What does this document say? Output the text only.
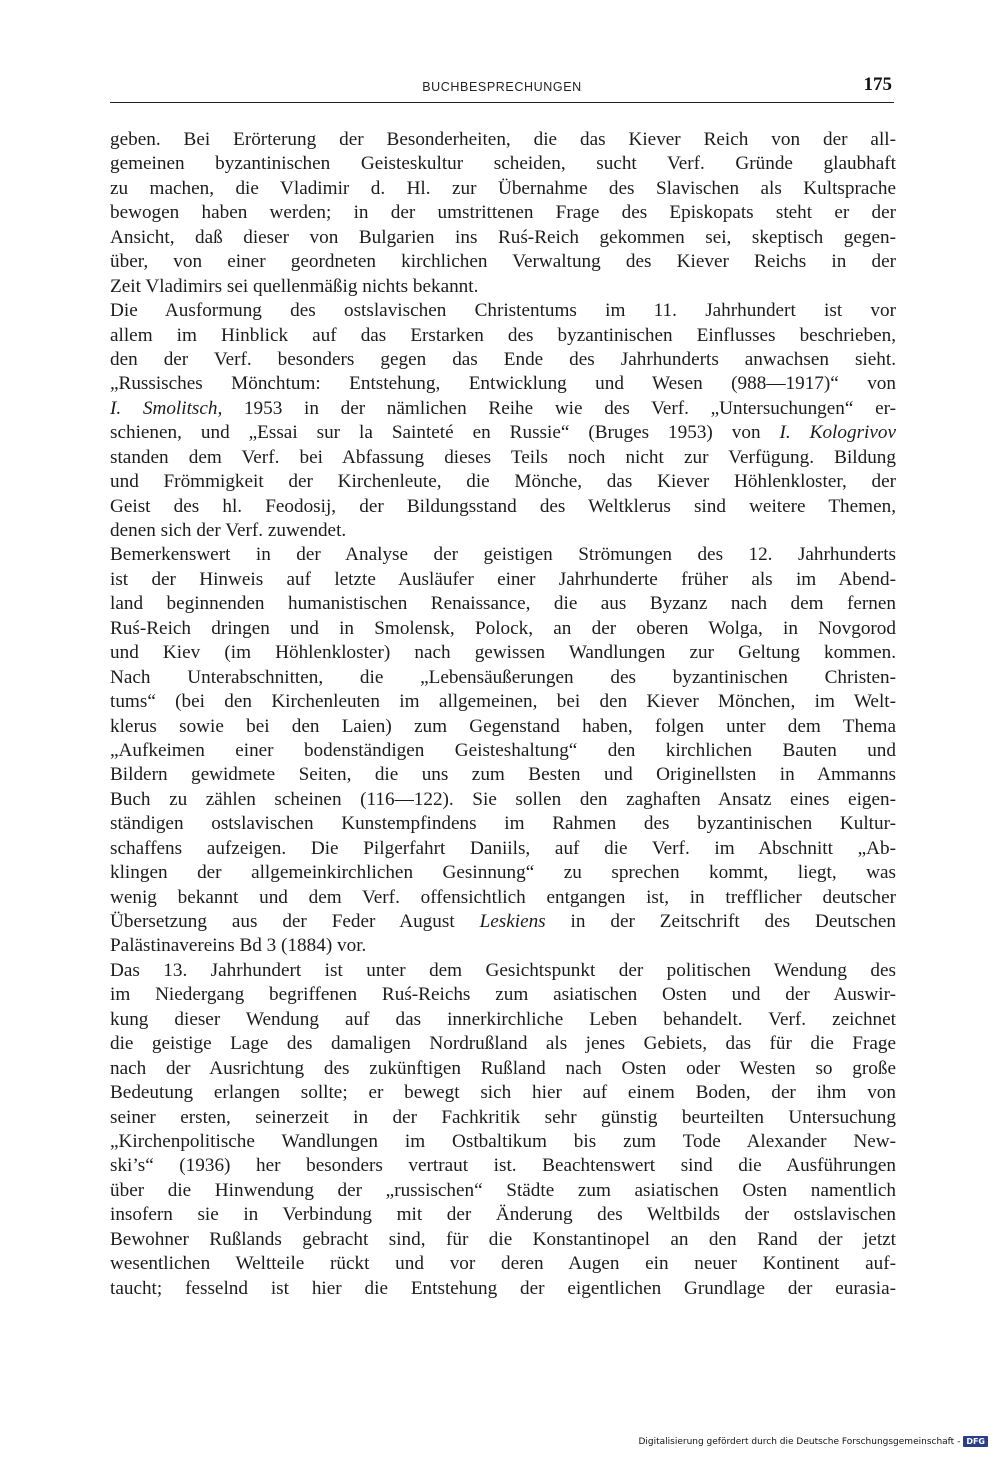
BUCHBESPRECHUNGEN	175
geben. Bei Erörterung der Besonderheiten, die das Kiever Reich von der all-
gemeinen byzantinischen Geisteskultur scheiden, sucht Verf. Gründe glaubhaft
zu machen, die Vladimir d. Hl. zur Übernahme des Slavischen als Kultsprache
bewogen haben werden; in der umstrittenen Frage des Episkopats steht er der
Ansicht, daß dieser von Bulgarien ins Ruś-Reich gekommen sei, skeptisch gegen-
über, von einer geordneten kirchlichen Verwaltung des Kiever Reichs in der
Zeit Vladimirs sei quellenmäßig nichts bekannt.
Die Ausformung des ostslavischen Christentums im 11. Jahrhundert ist vor
allem im Hinblick auf das Erstarken des byzantinischen Einflusses beschrieben,
den der Verf. besonders gegen das Ende des Jahrhunderts anwachsen sieht.
„Russisches Mönchtum: Entstehung, Entwicklung und Wesen (988—1917)“ von
I. Smolitsch, 1953 in der nämlichen Reihe wie des Verf. „Untersuchungen“ er-
schienen, und „Essai sur la Sainteté en Russie“ (Bruges 1953) von I. Kologrivov
standen dem Verf. bei Abfassung dieses Teils noch nicht zur Verfügung. Bildung
und Frömmigkeit der Kirchenleute, die Mönche, das Kiever Höhlenkloster, der
Geist des hl. Feodosij, der Bildungsstand des Weltklerus sind weitere Themen,
denen sich der Verf. zuwendet.
Bemerkenswert in der Analyse der geistigen Strömungen des 12. Jahrhunderts
ist der Hinweis auf letzte Ausläufer einer Jahrhunderte früher als im Abend-
land beginnenden humanistischen Renaissance, die aus Byzanz nach dem fernen
Ruś-Reich dringen und in Smolensk, Polock, an der oberen Wolga, in Novgorod
und Kiev (im Höhlenkloster) nach gewissen Wandlungen zur Geltung kommen.
Nach Unterabschnitten, die „Lebensäußerungen des byzantinischen Christen-
tums“ (bei den Kirchenleuten im allgemeinen, bei den Kiever Mönchen, im Welt-
klerus sowie bei den Laien) zum Gegenstand haben, folgen unter dem Thema
„Aufkeimen einer bodenständigen Geisteshaltung“ den kirchlichen Bauten und
Bildern gewidmete Seiten, die uns zum Besten und Originellsten in Ammanns
Buch zu zählen scheinen (116—122). Sie sollen den zaghaften Ansatz eines eigen-
ständigen ostslavischen Kunstempfindens im Rahmen des byzantinischen Kultur-
schaffens aufzeigen. Die Pilgerfahrt Daniils, auf die Verf. im Abschnitt „Ab-
klingen der allgemeinkirchlichen Gesinnung“ zu sprechen kommt, liegt, was
wenig bekannt und dem Verf. offensichtlich entgangen ist, in trefflicher deutscher
Übersetzung aus der Feder August Leskiens in der Zeitschrift des Deutschen
Palästinavereins Bd 3 (1884) vor.
Das 13. Jahrhundert ist unter dem Gesichtspunkt der politischen Wendung des
im Niedergang begriffenen Ruś-Reichs zum asiatischen Osten und der Auswir-
kung dieser Wendung auf das innerkirchliche Leben behandelt. Verf. zeichnet
die geistige Lage des damaligen Nordrußland als jenes Gebiets, das für die Frage
nach der Ausrichtung des zukünftigen Rußland nach Osten oder Westen so große
Bedeutung erlangen sollte; er bewegt sich hier auf einem Boden, der ihm von
seiner ersten, seinerzeit in der Fachkritik sehr günstig beurteilten Untersuchung
„Kirchenpolitische Wandlungen im Ostbaltikum bis zum Tode Alexander New-
ski’s“ (1936) her besonders vertraut ist. Beachtenswert sind die Ausführungen
über die Hinwendung der „russischen“ Städte zum asiatischen Osten namentlich
insofern sie in Verbindung mit der Änderung des Weltbilds der ostslavischen
Bewohner Rußlands gebracht sind, für die Konstantinopel an den Rand der jetzt
wesentlichen Weltteile rückt und vor deren Augen ein neuer Kontinent auf-
taucht; fesselnd ist hier die Entstehung der eigentlichen Grundlage der eurasia-
Digitalisierung gefördert durch die Deutsche Forschungsgemeinschaft - DFG
